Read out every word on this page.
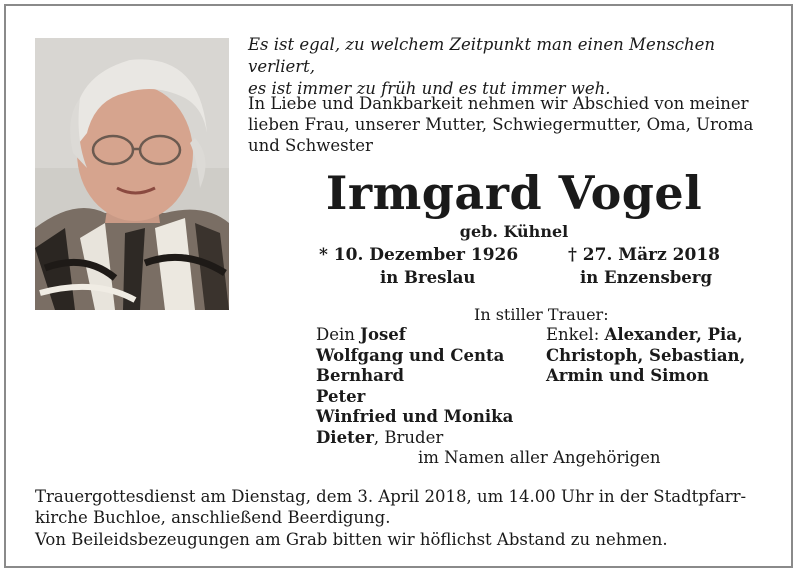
Es ist egal, zu welchem Zeitpunkt man einen Menschen verliert,
es ist immer zu früh und es tut immer weh.
In Liebe und Dankbarkeit nehmen wir Abschied von meiner
lieben Frau, unserer Mutter, Schwiegermutter, Oma, Uroma
und Schwester
Irmgard Vogel
geb. Kühnel
* 10. Dezember 1926
in Breslau
† 27. März 2018
in Enzensberg
In stiller Trauer:
Dein Josef
Wolfgang und Centa
Bernhard
Peter
Winfried und Monika
Dieter, Bruder
Enkel: Alexander, Pia,
Christoph, Sebastian,
Armin und Simon
im Namen aller Angehörigen
Trauergottesdienst am Dienstag, dem 3. April 2018, um 14.00 Uhr in der Stadtpfarr-
kirche Buchloe, anschließend Beerdigung.
Von Beileidsbezeugungen am Grab bitten wir höflichst Abstand zu nehmen.
